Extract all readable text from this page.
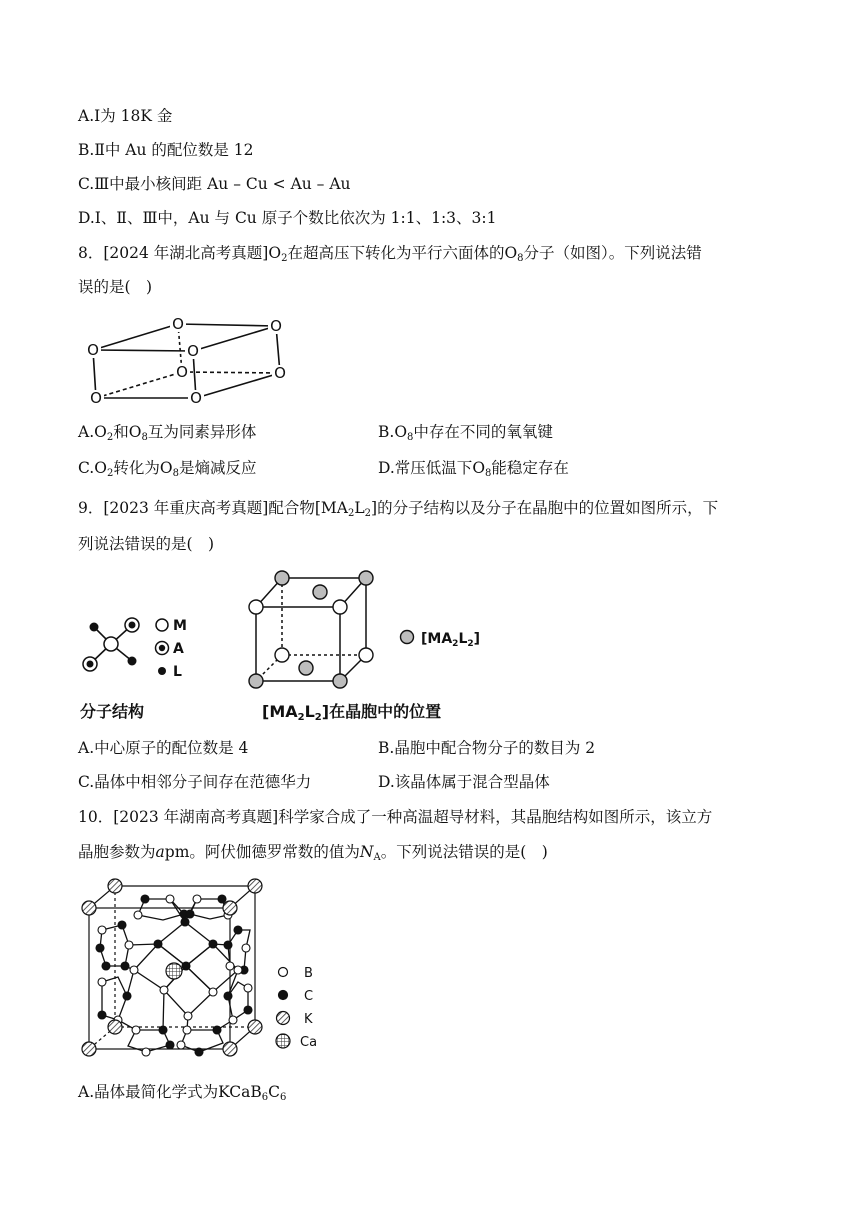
A.Ⅰ为 18K 金
B.Ⅱ中 Au 的配位数是 12
C.Ⅲ中最小核间距 Au – Cu < Au – Au
D.Ⅰ、Ⅱ、Ⅲ中，Au 与 Cu 原子个数比依次为 1:1、1:3、3:1
8．[2024 年湖北高考真题]$O_2$在超高压下转化为平行六面体的$O_8$分子（如图）。下列说法错
误的是(　)
O
O	O
O
O	O
O	O
$A.O_2$和$O_8$互为同素异形体	$B.O_8$中存在不同的氧氧键
$C.O_2$转化为$O_8$是熵减反应	D.常压低温下$O_8$能稳定存在
9．[2023 年重庆高考真题]配合物$[MA_2L_2]$的分子结构以及分子在晶胞中的位置如图所示，下
列说法错误的是(　)
M
A
L
$[MA_2L_2]$
分子结构	$[MA_2L_2]$在晶胞中的位置
A.中心原子的配位数是 4	B.晶胞中配合物分子的数目为 2
C.晶体中相邻分子间存在范德华力	D.该晶体属于混合型晶体
10．[2023 年湖南高考真题]科学家合成了一种高温超导材料，其晶胞结构如图所示，该立方
晶胞参数为apm。阿伏伽德罗常数的值为$N_A$。下列说法错误的是(　)
B
C
K
Ca
A.晶体最简化学式为$KCaB_6C_6$
